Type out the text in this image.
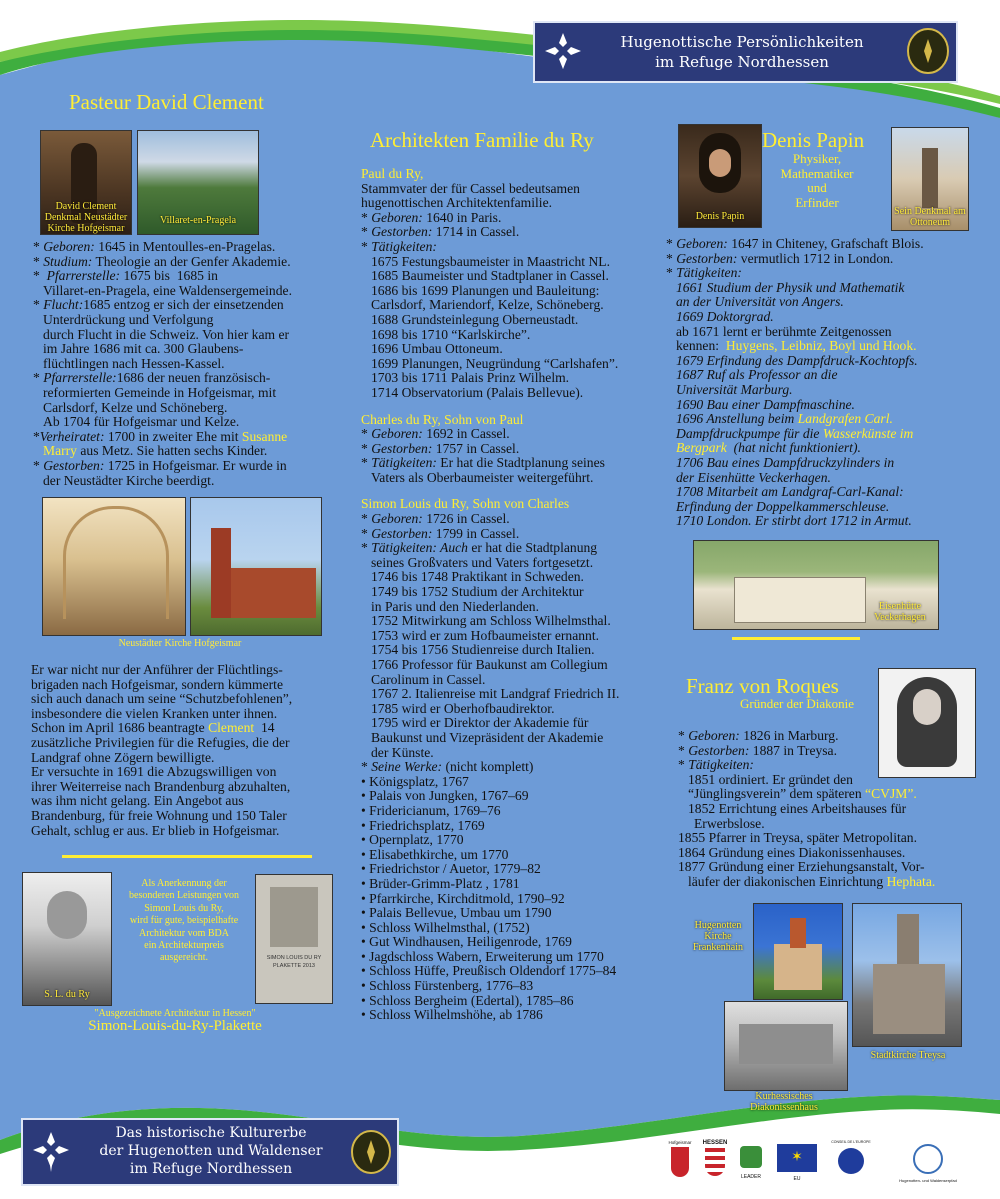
Hugenottische Persönlichkeiten
im Refuge Nordhessen
Pasteur David Clement
David Clement Denkmal Neustädter Kirche Hofgeismar
Villaret-en-Pragela

* Geboren: 1645 in Mentoulles-en-Pragelas.

* Studium: Theologie an der Genfer Akademie.

*  Pfarrerstelle: 1675 bis  1685 in

Villaret-en-Pragela, eine Waldensergemeinde.

* Flucht:1685 entzog er sich der einsetzenden

Unterdrückung und Verfolgung

durch Flucht in die Schweiz. Von hier kam er

im Jahre 1686 mit ca. 300 Glaubens-

flüchtlingen nach Hessen-Kassel.

* Pfarrerstelle:1686 der neuen französisch-

reformierten Gemeinde in Hofgeismar, mit

Carlsdorf, Kelze und Schöneberg.

Ab 1704 für Hofgeismar und Kelze.

*Verheiratet: 1700 in zweiter Ehe mit Susanne

Marry aus Metz. Sie hatten sechs Kinder.

* Gestorben: 1725 in Hofgeismar. Er wurde in

der Neustädter Kirche beerdigt.

Neustädter Kirche Hofgeismar

Er war nicht nur der Anführer der Flüchtlings-

brigaden nach Hofgeismar, sondern kümmerte

sich auch danach um seine “Schutzbefohlenen”,

insbesondere die vielen Kranken unter ihnen.

Schon im April 1686 beantragte Clement  14

zusätzliche Privilegien für die Refugies, die der

Landgraf ohne Zögern bewilligte.

Er versuchte in 1691 die Abzugswilligen von

ihrer Weiterreise nach Brandenburg abzuhalten,

was ihm nicht gelang. Ein Angebot aus

Brandenburg, für freie Wohnung und 150 Taler

Gehalt, schlug er aus. Er blieb in Hofgeismar.

S. L. du Ry
Als Anerkennung der
besonderen Leistungen von
Simon Louis du Ry,
wird für gute, beispielhafte
Architektur vom BDA
ein Architekturpreis
ausgereicht.	SIMON LOUIS DU RY
PLAKETTE 2013
"Ausgezeichnete Architektur in Hessen"
Simon-Louis-du-Ry-Plakette
Architekten Familie du Ry

Paul du Ry,

Stammvater der für Cassel bedeutsamen

hugenottischen Architektenfamilie.

* Geboren: 1640 in Paris.

* Gestorben: 1714 in Cassel.

* Tätigkeiten:

1675 Festungsbaumeister in Maastricht NL.

1685 Baumeister und Stadtplaner in Cassel.

1686 bis 1699 Planungen und Bauleitung:

Carlsdorf, Mariendorf, Kelze, Schöneberg.

1688 Grundsteinlegung Oberneustadt.

1698 bis 1710 “Karlskirche”.

1696 Umbau Ottoneum.

1699 Planungen, Neugründung “Carlshafen”.

1703 bis 1711 Palais Prinz Wilhelm.

1714 Observatorium (Palais Bellevue).

Charles du Ry, Sohn von Paul

* Geboren: 1692 in Cassel.

* Gestorben: 1757 in Cassel.

* Tätigkeiten: Er hat die Stadtplanung seines

Vaters als Oberbaumeister weitergeführt.

Simon Louis du Ry, Sohn von Charles

* Geboren: 1726 in Cassel.

* Gestorben: 1799 in Cassel.

* Tätigkeiten: Auch er hat die Stadtplanung

seines Großvaters und Vaters fortgesetzt.

1746 bis 1748 Praktikant in Schweden.

1749 bis 1752 Studium der Architektur

in Paris und den Niederlanden.

1752 Mitwirkung am Schloss Wilhelmsthal.

1753 wird er zum Hofbaumeister ernannt.

1754 bis 1756 Studienreise durch Italien.

1766 Professor für Baukunst am Collegium

Carolinum in Cassel.

1767 2. Italienreise mit Landgraf Friedrich II.

1785 wird er Oberhofbaudirektor.

1795 wird er Direktor der Akademie für

Baukunst und Vizepräsident der Akademie

der Künste.

* Seine Werke: (nicht komplett)

•

Königsplatz, 1767

•

Palais von Jungken, 1767–69

•

Fridericianum, 1769–76

•

Friedrichsplatz, 1769

•

Opernplatz, 1770

•

Elisabethkirche, um 1770

•

Friedrichstor / Auetor, 1779–82

•

Brüder-Grimm-Platz , 1781

•

Pfarrkirche, Kirchditmold, 1790–92

•

Palais Bellevue, Umbau um 1790

•

Schloss Wilhelmsthal, (1752)

•

Gut Windhausen, Heiligenrode, 1769

•

Jagdschloss Wabern, Erweiterung um 1770

•

Schloss Hüffe, Preußisch Oldendorf 1775–84

•

Schloss Fürstenberg, 1776–83

•

Schloss Bergheim (Edertal), 1785–86

•

Schloss Wilhelmshöhe, ab 1786

Denis Papin
Denis Papin
Physiker,
Mathematiker
und
Erfinder
Sein Denkmal am Ottoneum

* Geboren: 1647 in Chiteney, Grafschaft Blois.

* Gestorben: vermutlich 1712 in London.

* Tätigkeiten:

1661 Studium der Physik und Mathematik

an der Universität von Angers.

1669 Doktorgrad.

ab 1671 lernt er berühmte Zeitgenossen

kennen: Huygens, Leibniz, Boyl und Hook.

1679 Erfindung des Dampfdruck-Kochtopfs.

1687 Ruf als Professor an die

Universität Marburg.

1690 Bau einer Dampfmaschine.

1696 Anstellung beim Landgrafen Carl.

Dampfdruckpumpe für die Wasserkünste im

Bergpark (hat nicht funktioniert).

1706 Bau eines Dampfdruckzylinders in

der Eisenhütte Veckerhagen.

1708 Mitarbeit am Landgraf-Carl-Kanal:

Erfindung der Doppelkammerschleuse.

1710 London. Er stirbt dort 1712 in Armut.

Eisenhütte
Veckerhagen
Franz von Roques
Gründer der Diakonie

* Geboren: 1826 in Marburg.

* Gestorben: 1887 in Treysa.

* Tätigkeiten:

1851 ordiniert. Er gründet den

“Jünglingsverein” dem späteren “CVJM”.

1852 Errichtung eines Arbeitshauses für

Erwerbslose.

1855 Pfarrer in Treysa, später Metropolitan.

1864 Gründung eines Diakonissenhauses.

1877 Gründung einer Erziehungsanstalt, Vor-

läufer der diakonischen Einrichtung Hephata.

Hugenotten
Kirche
Frankenhain
Stadtkirche Treysa
Kurhessisches
Diakonissenhaus
Das historische Kulturerbe
der Hugenotten und Waldenser
im Refuge Nordhessen
Hofgeismar	HESSEN
LEADER
✶
EU
CONSEIL DE L'EUROPE
Hugenotten- und Waldenserpfad
